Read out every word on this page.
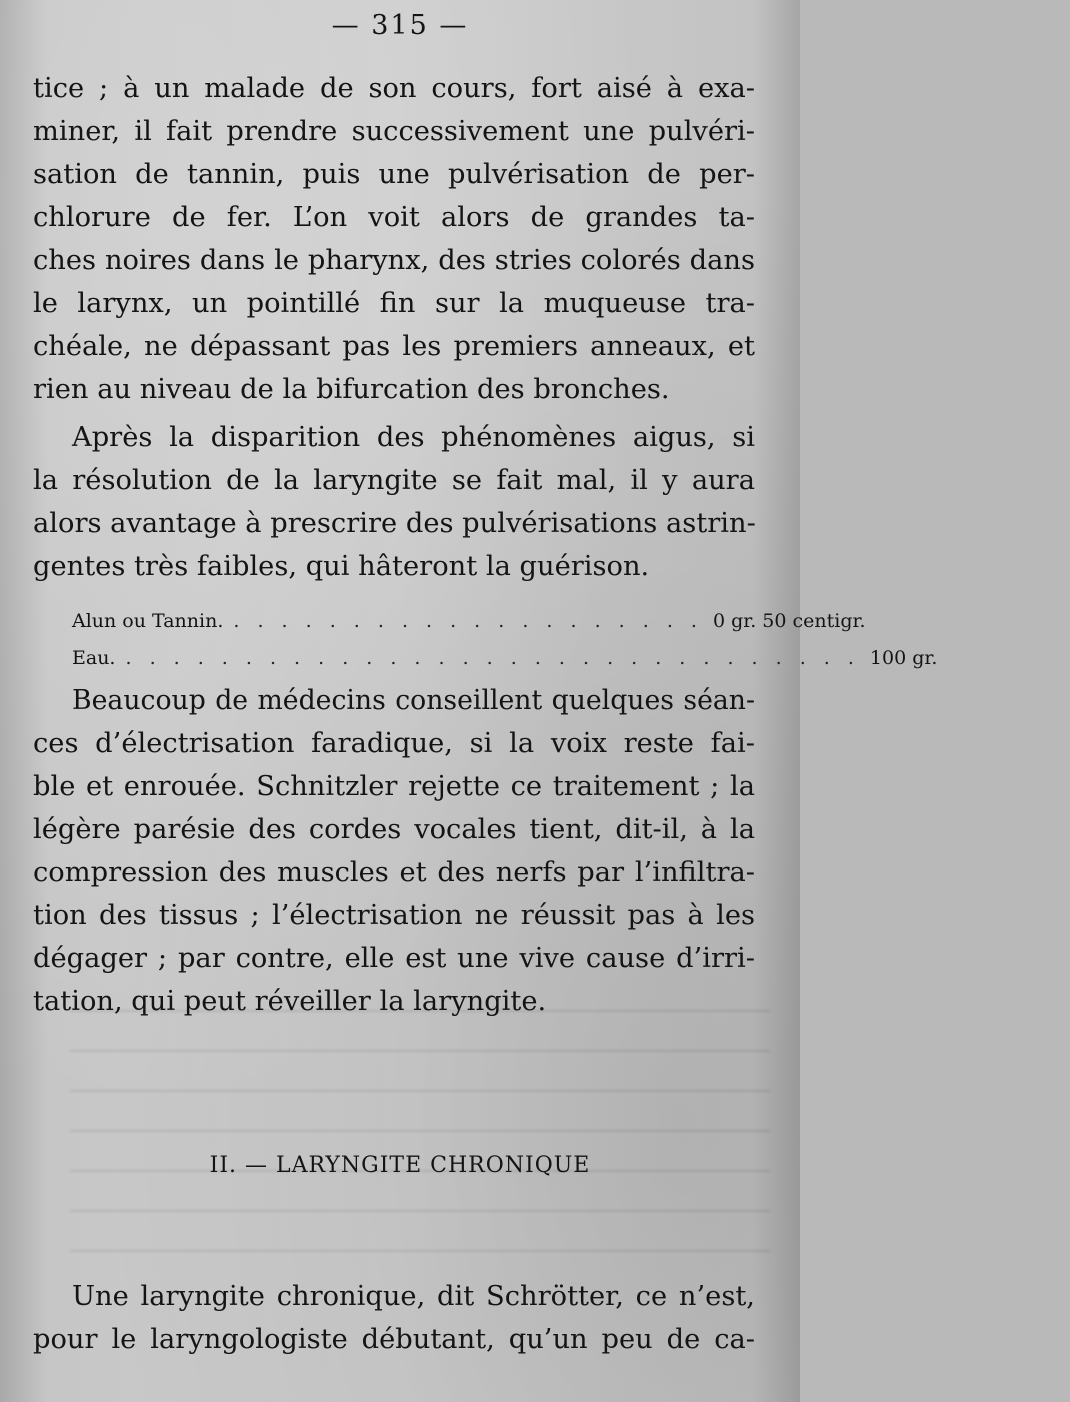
— 315 —
tice ; à un malade de son cours, fort aisé à exa-
miner, il fait prendre successivement une pulvéri-
sation de tannin, puis une pulvérisation de per-
chlorure de fer. L’on voit alors de grandes ta-
ches noires dans le pharynx, des stries colorés dans
le larynx, un pointillé fin sur la muqueuse tra-
chéale, ne dépassant pas les premiers anneaux, et
rien au niveau de la bifurcation des bronches.
Après la disparition des phénomènes aigus, si
la résolution de la laryngite se fait mal, il y aura
alors avantage à prescrire des pulvérisations astrin-
gentes très faibles, qui hâteront la guérison.
Alun ou Tannin. . . . . . . . . . . . . . . . . . . . . 0 gr. 50 centigr.
Eau. . . . . . . . . . . . . . . . . . . . . . . . . . . . . . . . 100 gr.
Beaucoup de médecins conseillent quelques séan-
ces d’électrisation faradique, si la voix reste fai-
ble et enrouée. Schnitzler rejette ce traitement ; la
légère parésie des cordes vocales tient, dit-il, à la
compression des muscles et des nerfs par l’infiltra-
tion des tissus ; l’électrisation ne réussit pas à les
dégager ; par contre, elle est une vive cause d’irri-
tation, qui peut réveiller la laryngite.
II. — LARYNGITE CHRONIQUE
Une laryngite chronique, dit Schrötter, ce n’est,
pour le laryngologiste débutant, qu’un peu de ca-
